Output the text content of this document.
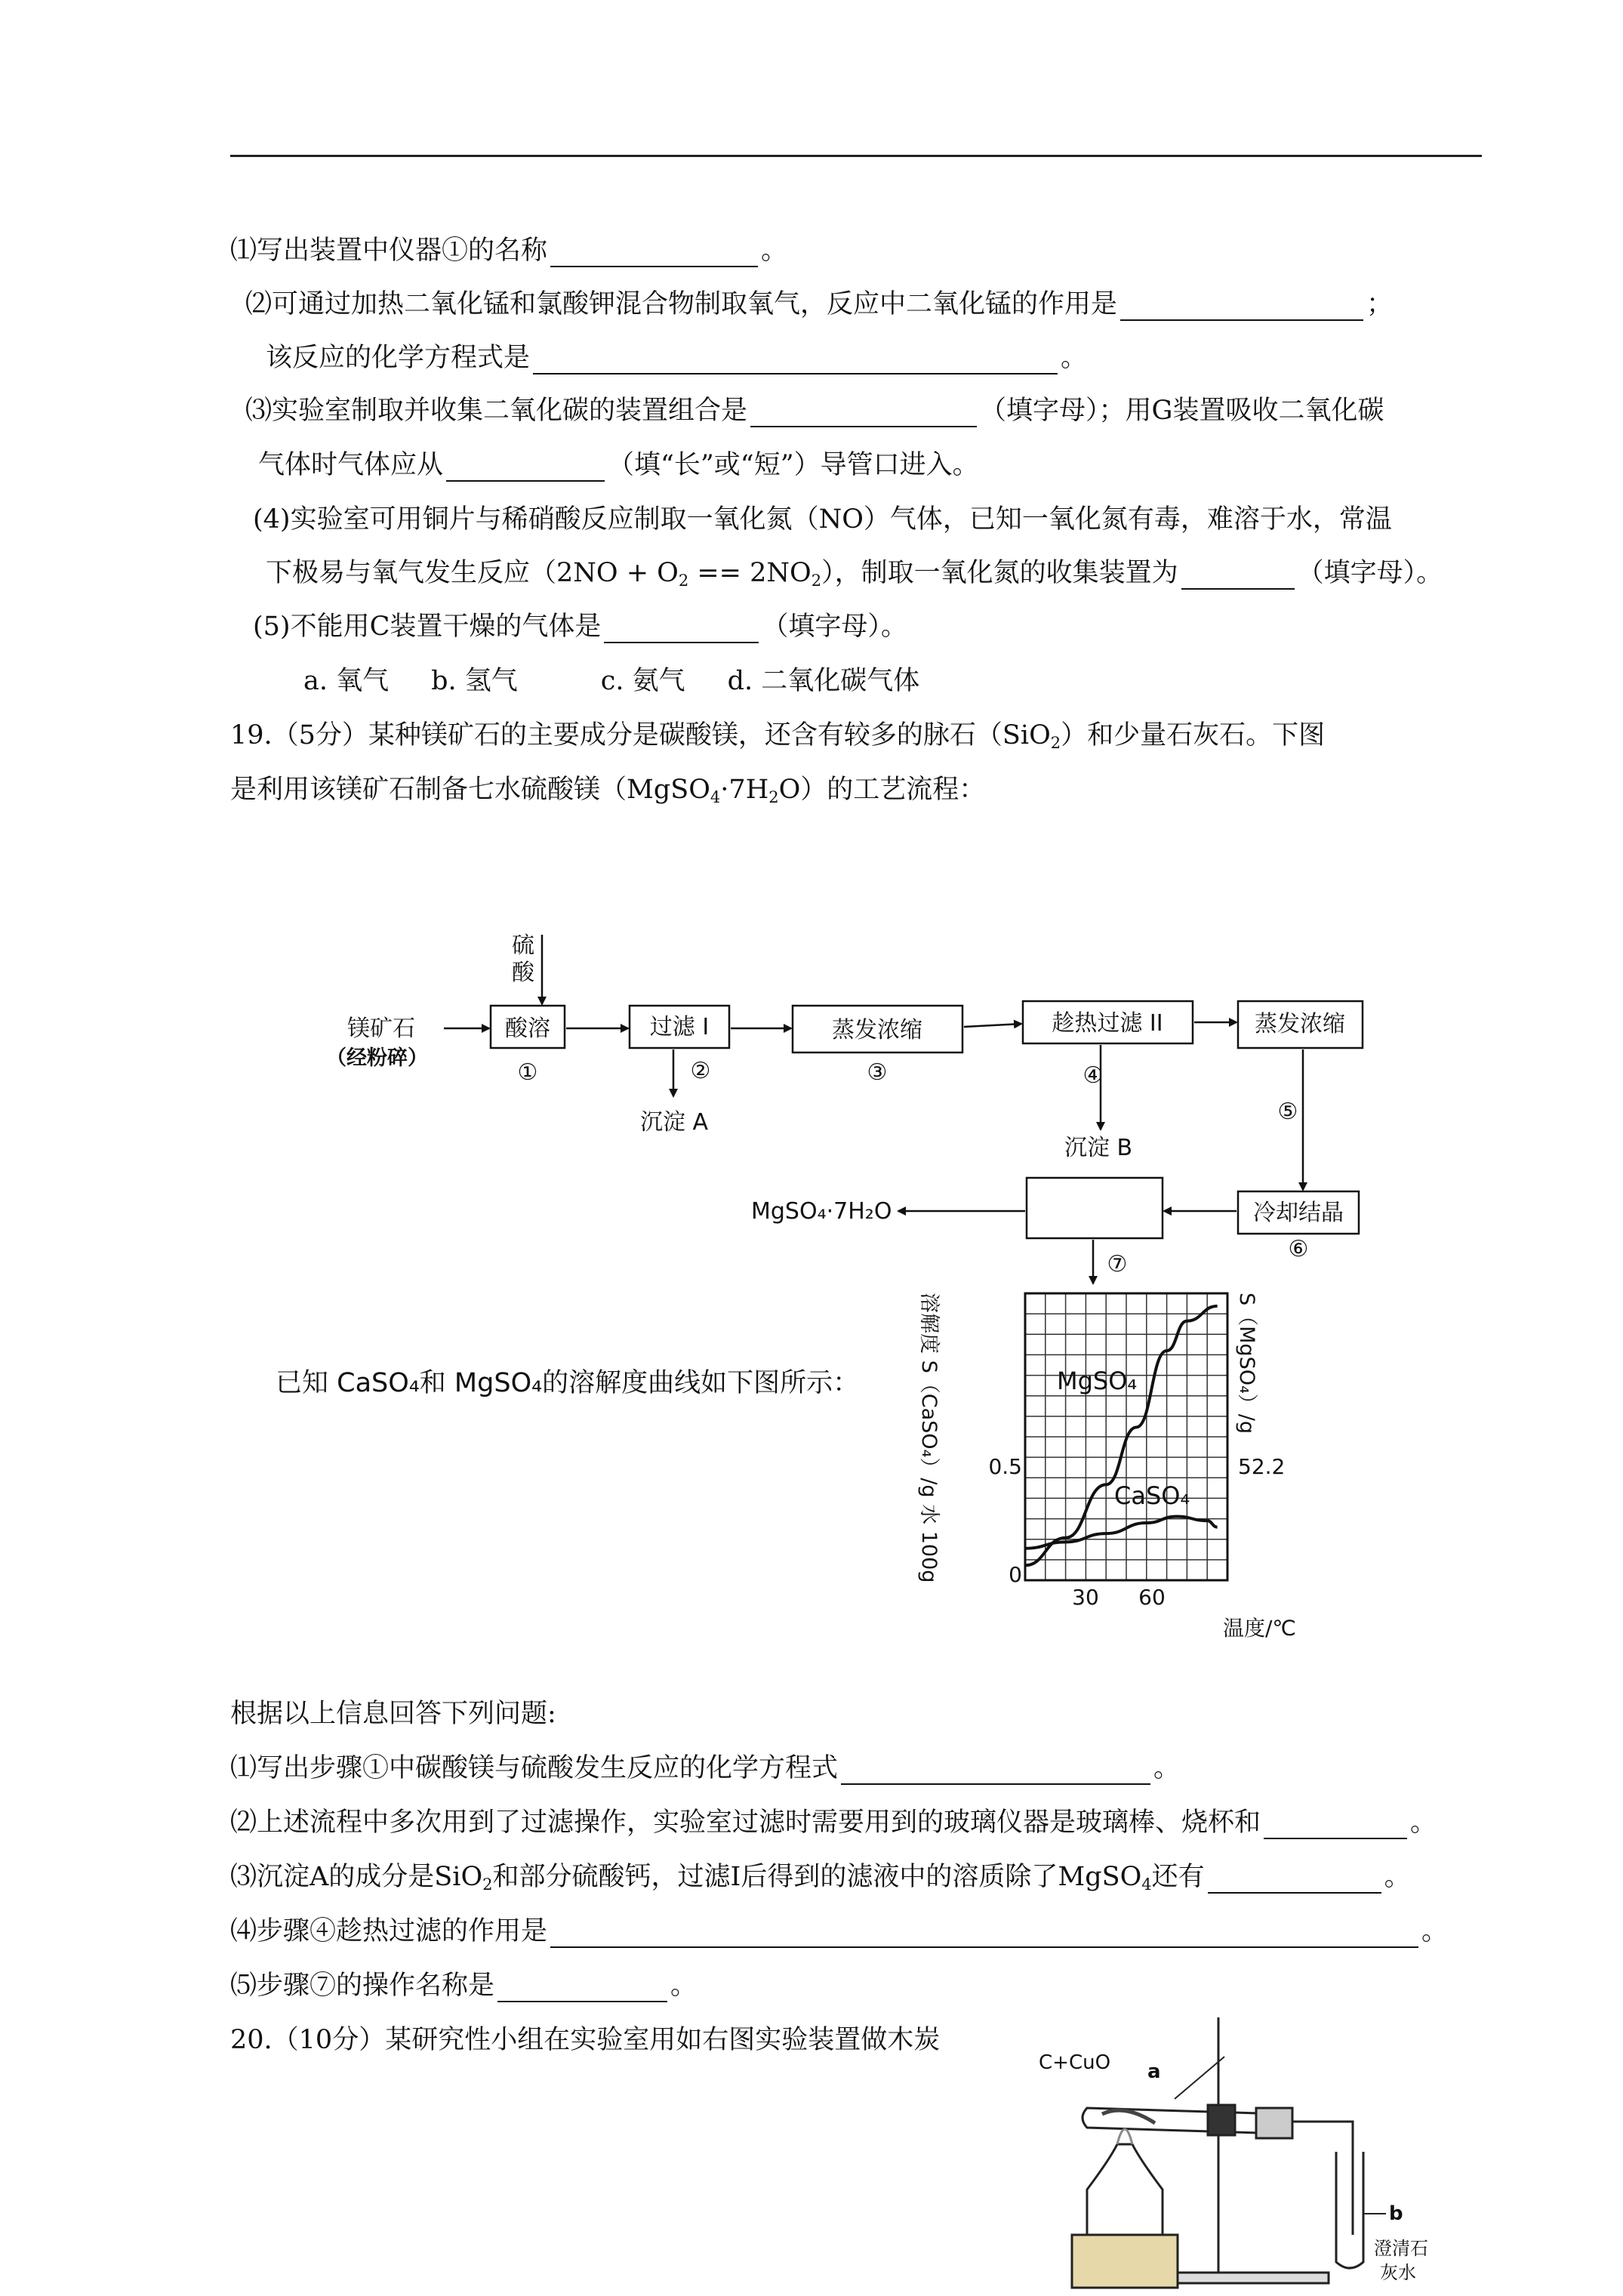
⑴写出装置中仪器①的名称	。
⑵可通过加热二氧化锰和氯酸钾混合物制取氧气，反应中二氧化锰的作用是	；
该反应的化学方程式是	。
⑶实验室制取并收集二氧化碳的装置组合是	（填字母）；用G装置吸收二氧化碳
气体时气体应从	（填“长”或“短”）导管口进入。
(4)实验室可用铜片与稀硝酸反应制取一氧化氮（NO）气体，已知一氧化氮有毒，难溶于水，常温
下极易与氧气发生反应$(2NO + O_2 == 2NO_2)$，制取一氧化氮的收集装置为	（填字母）。
(5)不能用C装置干燥的气体是	（填字母）。
a. 氧气 b. 氢气	c. 氨气 d. 二氧化碳气体
19.（5分）某种镁矿石的主要成分是碳酸镁，还含有较多的脉石（SiO$_2$）和少量石灰石。下图
是利用该镁矿石制备七水硫酸镁$(MgSO_4\cdot 7H_2O)$的工艺流程：
硫
酸
镁矿石
（经粉碎）
酸溶	过滤 I	蒸发浓缩	趁热过滤 II	蒸发浓缩
冷却结晶
①	②	③	④
⑤
⑥
⑦
沉淀 A
沉淀 B
MgSO₄·7H₂O
0
0.5	52.2
30 60
温度/℃
MgSO₄
CaSO₄
溶解度 S（CaSO₄）/g 水 100g	S（MgSO₄）/g
C+CuO a
b
澄清石
灰水
已知 CaSO₄和 MgSO₄的溶解度曲线如下图所示：
根据以上信息回答下列问题:
⑴写出步骤①中碳酸镁与硫酸发生反应的化学方程式	。
⑵上述流程中多次用到了过滤操作，实验室过滤时需要用到的玻璃仪器是玻璃棒、烧杯和	。
⑶沉淀A的成分是SiO$_2$和部分硫酸钙，过滤I后得到的滤液中的溶质除了MgSO$_4$还有	。
⑷步骤④趁热过滤的作用是	。
⑸步骤⑦的操作名称是	。
20.（10分）某研究性小组在实验室用如右图实验装置做木炭
